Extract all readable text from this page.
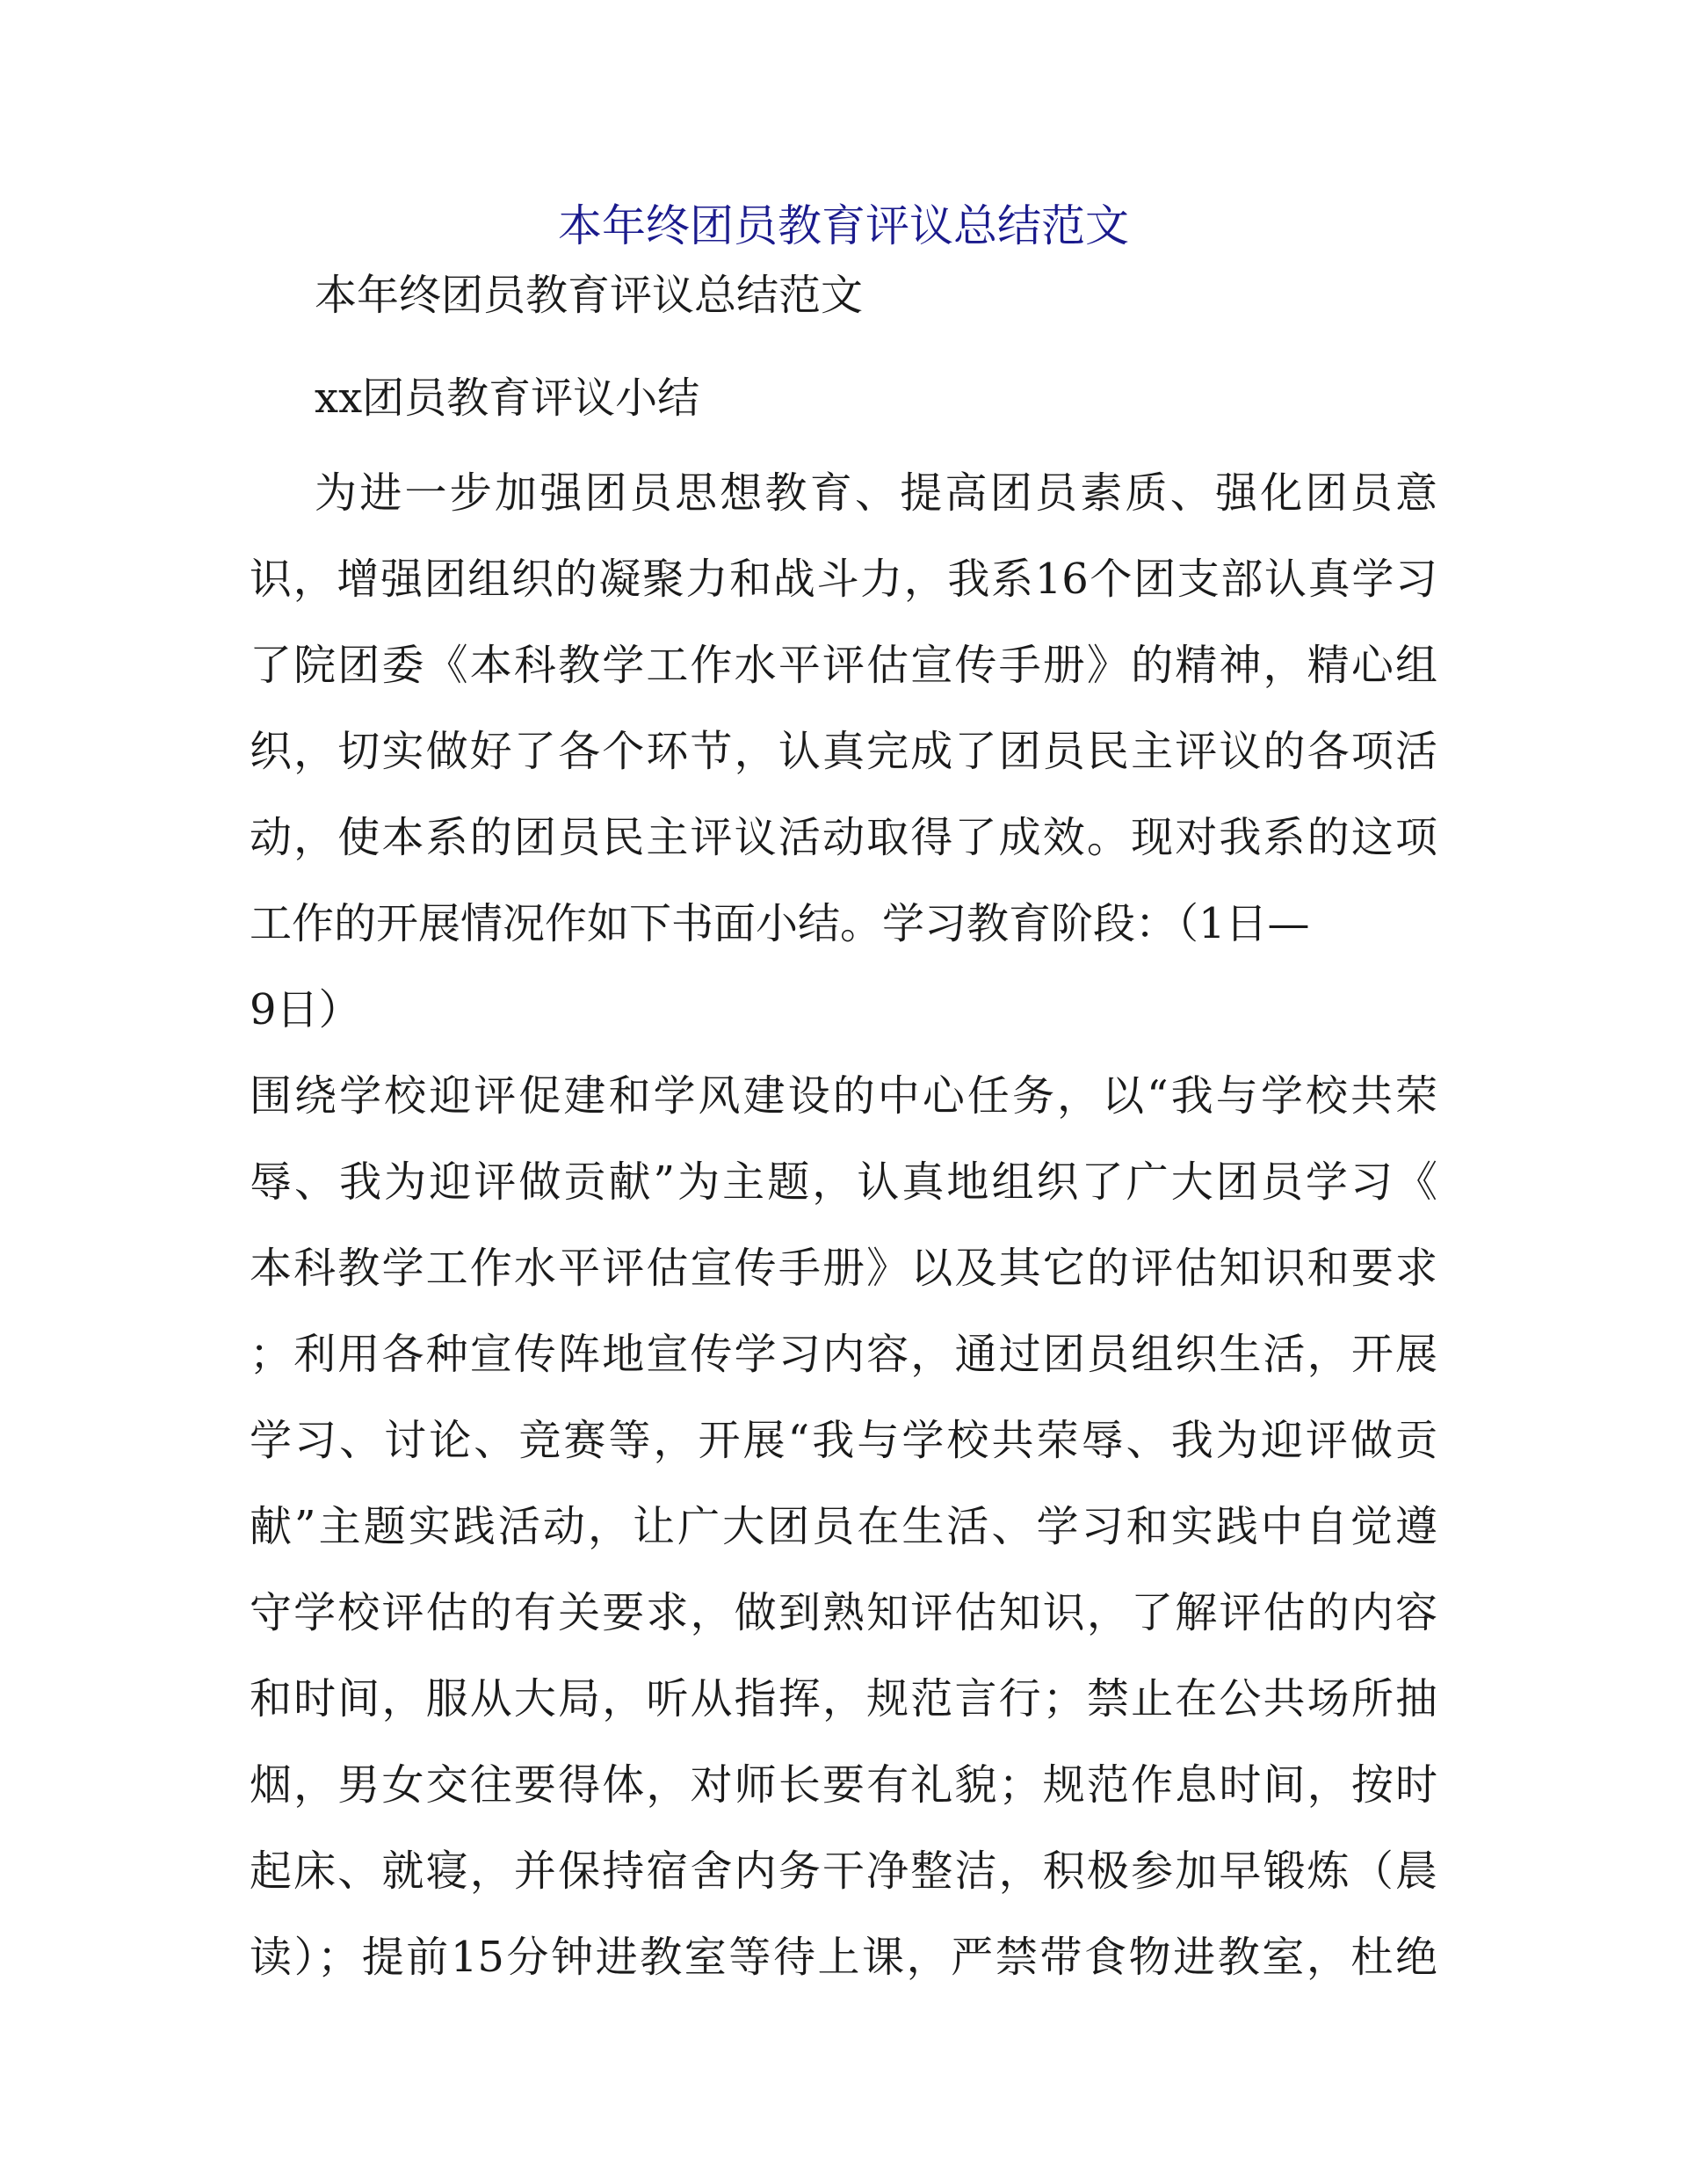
本年终团员教育评议总结范文

本年终团员教育评议总结范文

xx团员教育评议小结

为进一步加强团员思想教育、提高团员素质、强化团员意

识，增强团组织的凝聚力和战斗力，我系16个团支部认真学习

了院团委《本科教学工作水平评估宣传手册》的精神，精心组

织，切实做好了各个环节，认真完成了团员民主评议的各项活

动，使本系的团员民主评议活动取得了成效。现对我系的这项

工作的开展情况作如下书面小结。学习教育阶段：（1日—

9日）

围绕学校迎评促建和学风建设的中心任务，以“我与学校共荣

辱、我为迎评做贡献”为主题，认真地组织了广大团员学习《

本科教学工作水平评估宣传手册》以及其它的评估知识和要求

；利用各种宣传阵地宣传学习内容，通过团员组织生活，开展

学习、讨论、竞赛等，开展“我与学校共荣辱、我为迎评做贡

献”主题实践活动，让广大团员在生活、学习和实践中自觉遵

守学校评估的有关要求，做到熟知评估知识，了解评估的内容

和时间，服从大局，听从指挥，规范言行；禁止在公共场所抽

烟，男女交往要得体，对师长要有礼貌；规范作息时间，按时

起床、就寝，并保持宿舍内务干净整洁，积极参加早锻炼（晨

读）；提前15分钟进教室等待上课，严禁带食物进教室，杜绝
